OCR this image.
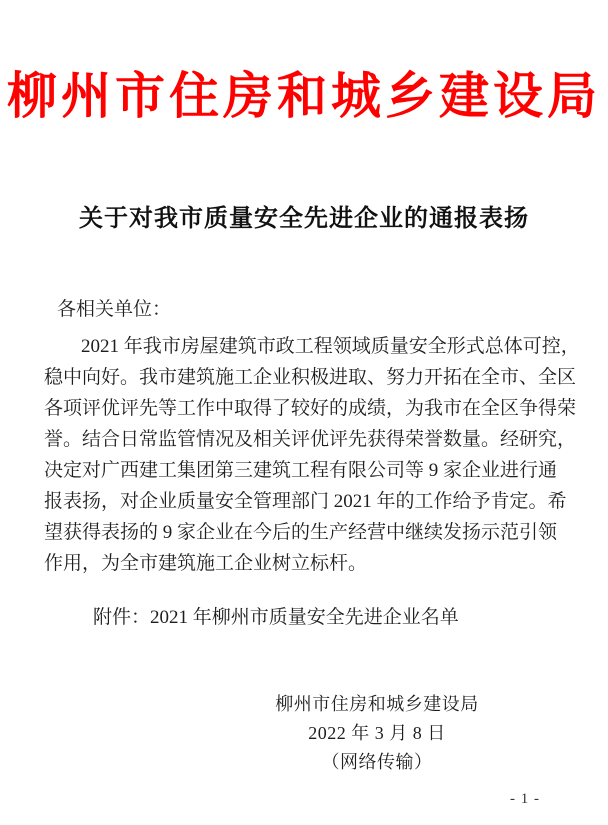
柳州市住房和城乡建设局
关于对我市质量安全先进企业的通报表扬
各相关单位：
2021 年我市房屋建筑市政工程领域质量安全形式总体可控，
稳中向好。我市建筑施工企业积极进取、努力开拓在全市、全区
各项评优评先等工作中取得了较好的成绩，为我市在全区争得荣
誉。结合日常监管情况及相关评优评先获得荣誉数量。经研究，
决定对广西建工集团第三建筑工程有限公司等 9 家企业进行通
报表扬，对企业质量安全管理部门 2021 年的工作给予肯定。希
望获得表扬的 9 家企业在今后的生产经营中继续发扬示范引领
作用，为全市建筑施工企业树立标杆。
附件：2021 年柳州市质量安全先进企业名单
柳州市住房和城乡建设局
2022 年 3 月 8 日
（网络传输）
- 1 -
